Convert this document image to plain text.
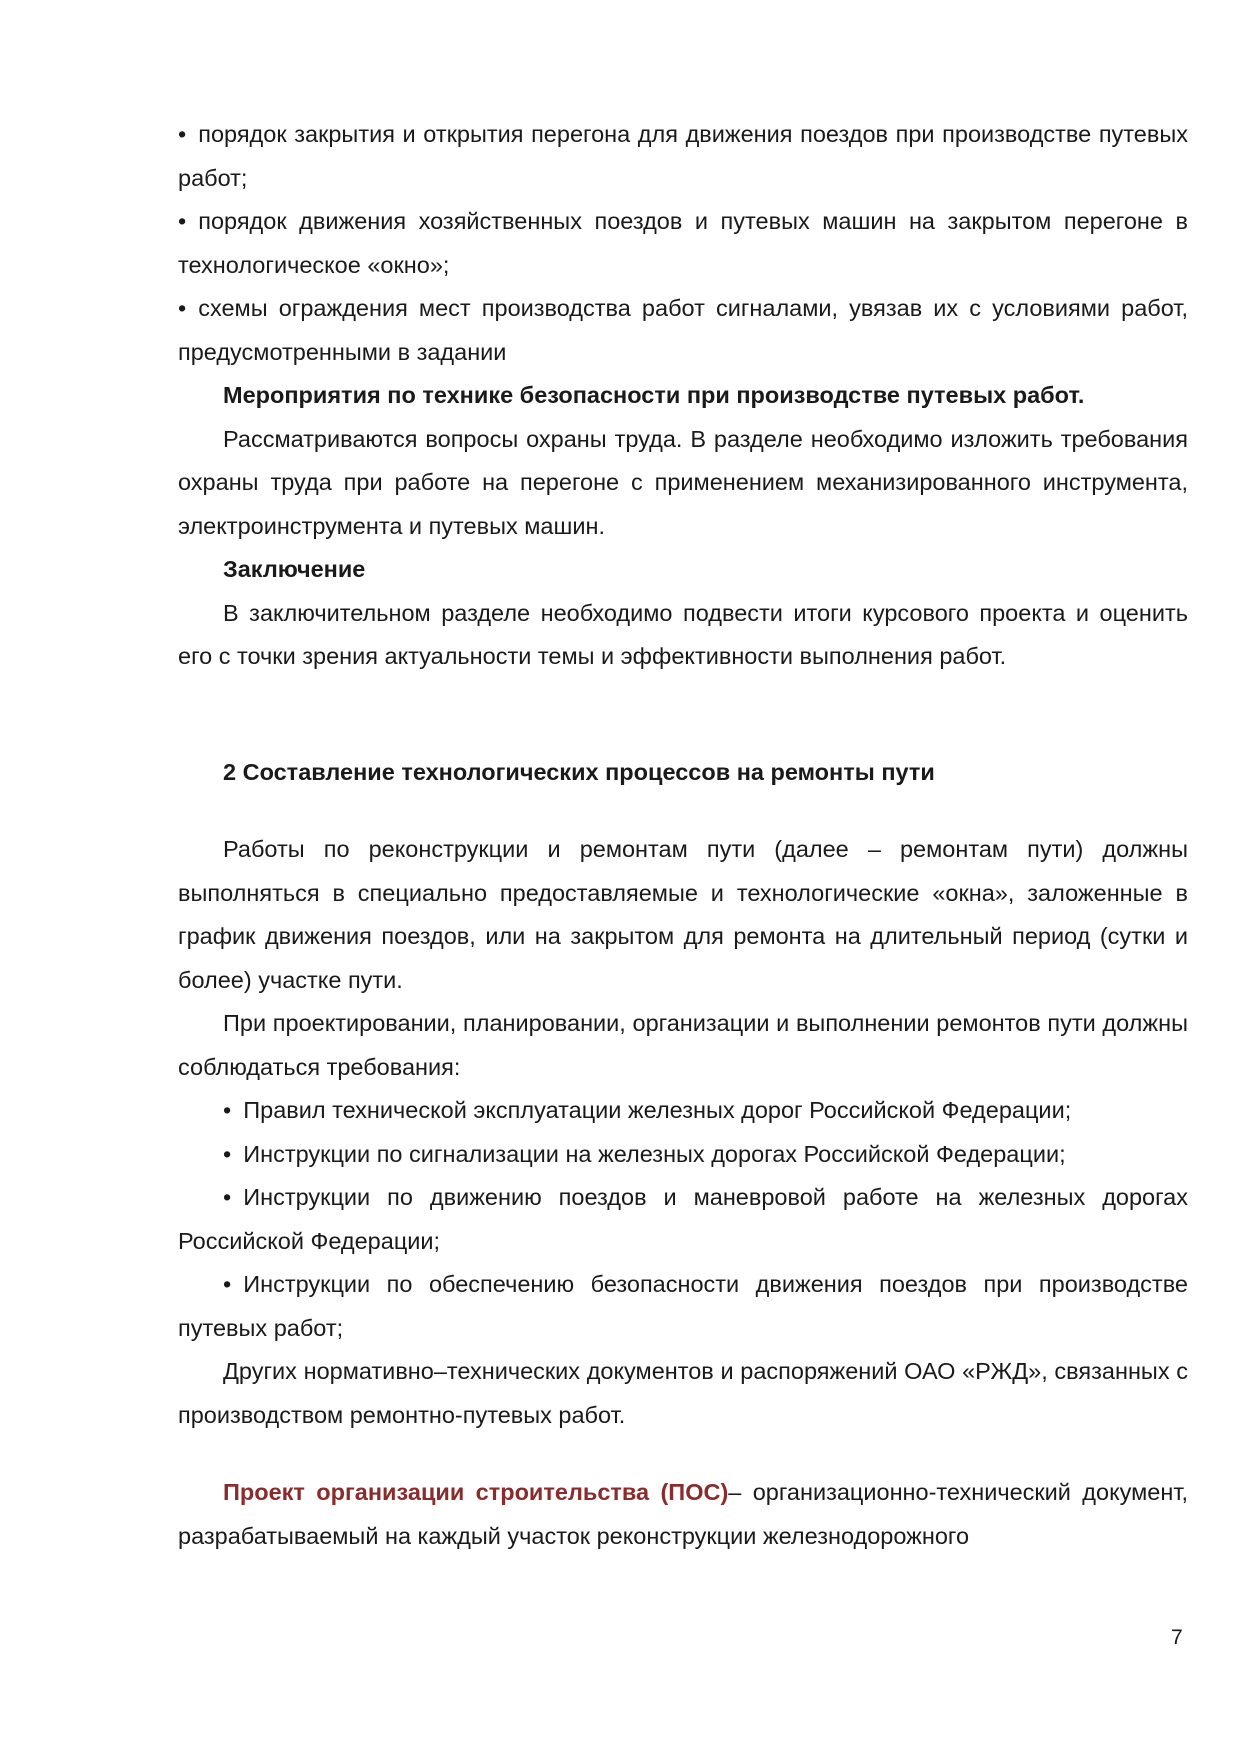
• порядок закрытия и открытия перегона для движения поездов при производстве путевых работ;

• порядок движения хозяйственных поездов и путевых машин на закрытом перегоне в технологическое «окно»;

• схемы ограждения мест производства работ сигналами, увязав их с условиями работ, предусмотренными в задании

Мероприятия по технике безопасности при производстве путевых работ.

Рассматриваются вопросы охраны труда. В разделе необходимо изложить требования охраны труда при работе на перегоне с применением механизированного инструмента, электроинструмента и путевых машин.

Заключение

В заключительном разделе необходимо подвести итоги курсового проекта и оценить его с точки зрения актуальности темы и эффективности выполнения работ.

2 Составление технологических процессов на ремонты пути

Работы по реконструкции и ремонтам пути (далее – ремонтам пути) должны выполняться в специально предоставляемые и технологические «окна», заложенные в график движения поездов, или на закрытом для ремонта на длительный период (сутки и более) участке пути.

При проектировании, планировании, организации и выполнении ремонтов пути должны соблюдаться требования:

• Правил технической эксплуатации железных дорог Российской Федерации;

• Инструкции по сигнализации на железных дорогах Российской Федерации;

• Инструкции по движению поездов и маневровой работе на железных дорогах Российской Федерации;

• Инструкции по обеспечению безопасности движения поездов при производстве путевых работ;

Других нормативно–технических документов и распоряжений ОАО «РЖД», связанных с производством ремонтно-путевых работ.

Проект организации строительства (ПОС)– организационно-технический документ, разрабатываемый на каждый участок реконструкции железнодорожного

7
